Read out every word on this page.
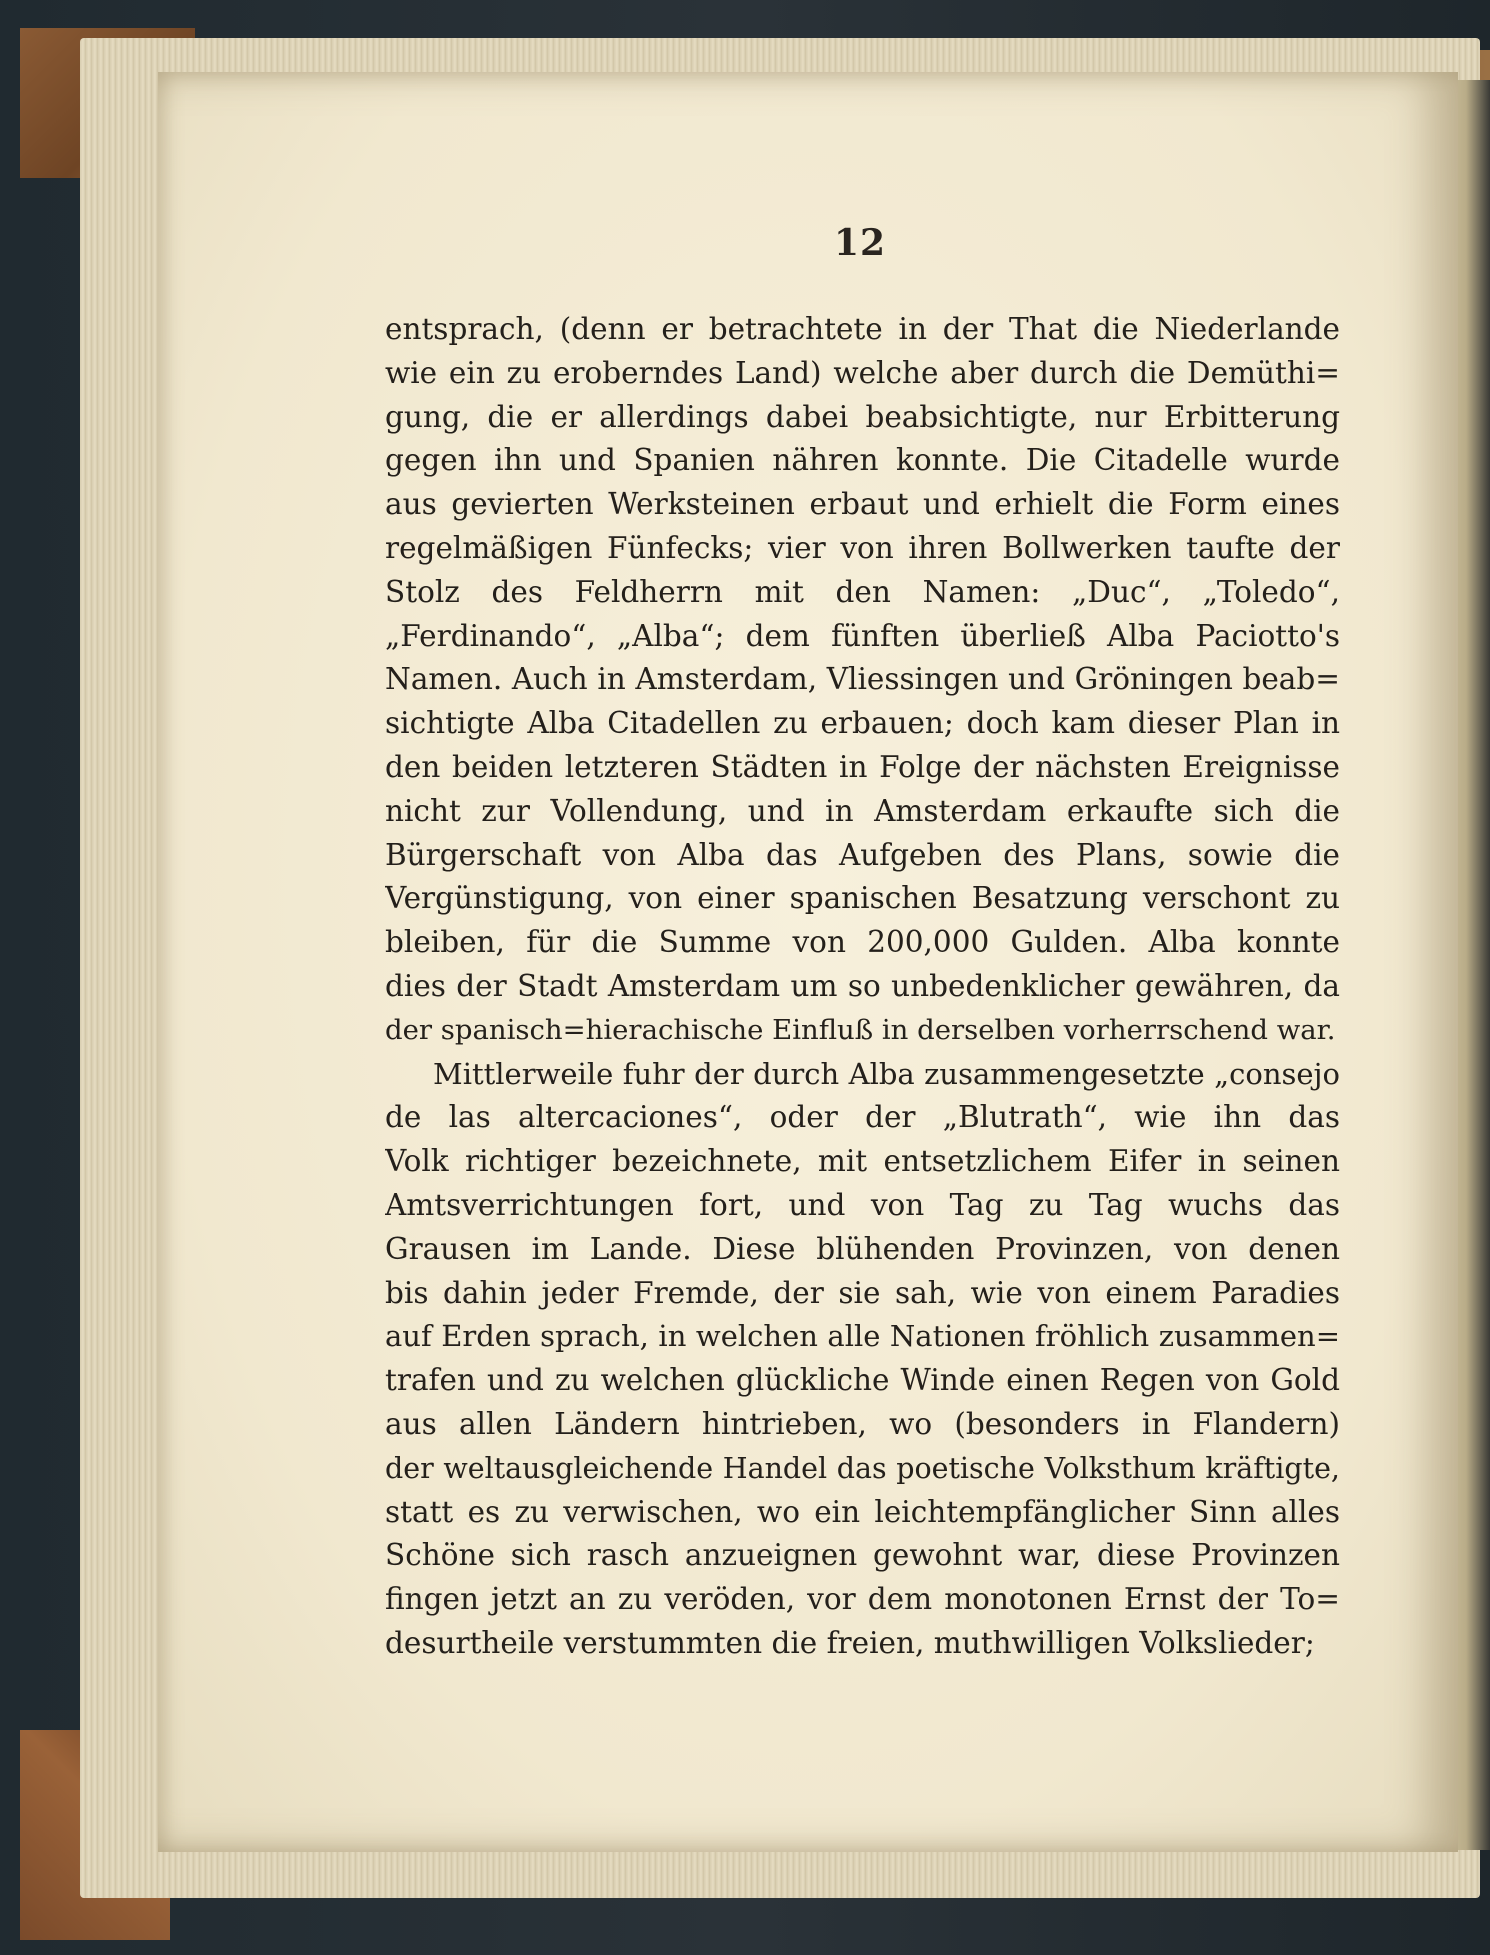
12
entsprach, (denn er betrachtete in der That die Niederlande
wie ein zu eroberndes Land) welche aber durch die Demüthi=
gung, die er allerdings dabei beabsichtigte, nur Erbitterung
gegen ihn und Spanien nähren konnte. Die Citadelle wurde
aus gevierten Werksteinen erbaut und erhielt die Form eines
regelmäßigen Fünfecks; vier von ihren Bollwerken taufte der
Stolz des Feldherrn mit den Namen: „Duc“, „Toledo“,
„Ferdinando“, „Alba“; dem fünften überließ Alba Paciotto's
Namen. Auch in Amsterdam, Vliessingen und Gröningen beab=
sichtigte Alba Citadellen zu erbauen; doch kam dieser Plan in
den beiden letzteren Städten in Folge der nächsten Ereignisse
nicht zur Vollendung, und in Amsterdam erkaufte sich die
Bürgerschaft von Alba das Aufgeben des Plans, sowie die
Vergünstigung, von einer spanischen Besatzung verschont zu
bleiben, für die Summe von 200,000 Gulden. Alba konnte
dies der Stadt Amsterdam um so unbedenklicher gewähren, da
der spanisch=hierachische Einfluß in derselben vorherrschend war.
Mittlerweile fuhr der durch Alba zusammengesetzte „consejo
de las altercaciones“, oder der „Blutrath“, wie ihn das
Volk richtiger bezeichnete, mit entsetzlichem Eifer in seinen
Amtsverrichtungen fort, und von Tag zu Tag wuchs das
Grausen im Lande. Diese blühenden Provinzen, von denen
bis dahin jeder Fremde, der sie sah, wie von einem Paradies
auf Erden sprach, in welchen alle Nationen fröhlich zusammen=
trafen und zu welchen glückliche Winde einen Regen von Gold
aus allen Ländern hintrieben, wo (besonders in Flandern)
der weltausgleichende Handel das poetische Volksthum kräftigte,
statt es zu verwischen, wo ein leichtempfänglicher Sinn alles
Schöne sich rasch anzueignen gewohnt war, diese Provinzen
fingen jetzt an zu veröden, vor dem monotonen Ernst der To=
desurtheile verstummten die freien, muthwilligen Volkslieder;
